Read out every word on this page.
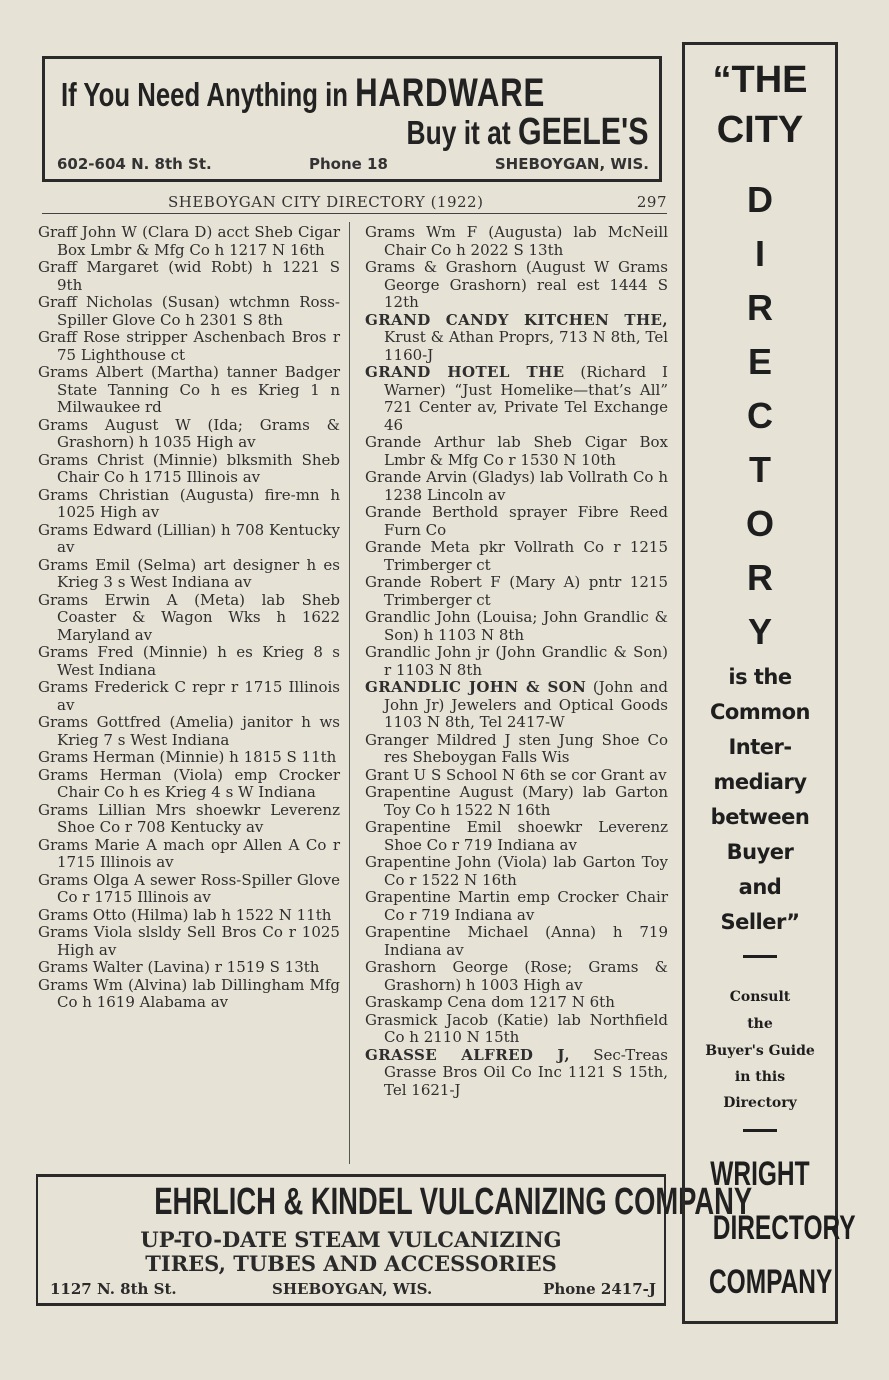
If You Need Anything in HARDWARE
Buy it at GEELE'S
602-604 N. 8th St.	Phone 18	SHEBOYGAN, WIS.
SHEBOYGAN CITY DIRECTORY (1922)	297

Graff John W (Clara D) acct Sheb Cigar Box Lmbr & Mfg Co h 1217 N 16th

Graff Margaret (wid Robt) h 1221 S 9th

Graff Nicholas (Susan) wtchmn Ross-Spiller Glove Co h 2301 S 8th

Graff Rose stripper Aschenbach Bros r 75 Lighthouse ct

Grams Albert (Martha) tanner Badger State Tanning Co h es Krieg 1 n Milwaukee rd

Grams August W (Ida; Grams & Grashorn) h 1035 High av

Grams Christ (Minnie) blksmith Sheb Chair Co h 1715 Illinois av

Grams Christian (Augusta) fire-mn h 1025 High av

Grams Edward (Lillian) h 708 Kentucky av

Grams Emil (Selma) art designer h es Krieg 3 s West Indiana av

Grams Erwin A (Meta) lab Sheb Coaster & Wagon Wks h 1622 Maryland av

Grams Fred (Minnie) h es Krieg 8 s West Indiana

Grams Frederick C repr r 1715 Illinois av

Grams Gottfred (Amelia) janitor h ws Krieg 7 s West Indiana

Grams Herman (Minnie) h 1815 S 11th

Grams Herman (Viola) emp Crocker Chair Co h es Krieg 4 s W Indiana

Grams Lillian Mrs shoewkr Leverenz Shoe Co r 708 Kentucky av

Grams Marie A mach opr Allen A Co r 1715 Illinois av

Grams Olga A sewer Ross-Spiller Glove Co r 1715 Illinois av

Grams Otto (Hilma) lab h 1522 N 11th

Grams Viola slsldy Sell Bros Co r 1025 High av

Grams Walter (Lavina) r 1519 S 13th

Grams Wm (Alvina) lab Dillingham Mfg Co h 1619 Alabama av

Grams Wm F (Augusta) lab McNeill Chair Co h 2022 S 13th

Grams & Grashorn (August W Grams George Grashorn) real est 1444 S 12th

GRAND CANDY KITCHEN THE, Krust & Athan Proprs, 713 N 8th, Tel 1160-J

GRAND HOTEL THE (Richard I Warner) “Just Homelike—that’s All” 721 Center av, Private Tel Exchange 46

Grande Arthur lab Sheb Cigar Box Lmbr & Mfg Co r 1530 N 10th

Grande Arvin (Gladys) lab Vollrath Co h 1238 Lincoln av

Grande Berthold sprayer Fibre Reed Furn Co

Grande Meta pkr Vollrath Co r 1215 Trimberger ct

Grande Robert F (Mary A) pntr 1215 Trimberger ct

Grandlic John (Louisa; John Grandlic & Son) h 1103 N 8th

Grandlic John jr (John Grandlic & Son) r 1103 N 8th

GRANDLIC JOHN & SON (John and John Jr) Jewelers and Optical Goods 1103 N 8th, Tel 2417-W

Granger Mildred J sten Jung Shoe Co res Sheboygan Falls Wis

Grant U S School N 6th se cor Grant av

Grapentine August (Mary) lab Garton Toy Co h 1522 N 16th

Grapentine Emil shoewkr Leverenz Shoe Co r 719 Indiana av

Grapentine John (Viola) lab Garton Toy Co r 1522 N 16th

Grapentine Martin emp Crocker Chair Co r 719 Indiana av

Grapentine Michael (Anna) h 719 Indiana av

Grashorn George (Rose; Grams & Grashorn) h 1003 High av

Graskamp Cena dom 1217 N 6th

Grasmick Jacob (Katie) lab Northfield Co h 2110 N 15th

GRASSE ALFRED J, Sec-Treas Grasse Bros Oil Co Inc 1121 S 15th, Tel 1621-J

EHRLICH & KINDEL VULCANIZING COMPANY
UP-TO-DATE STEAM VULCANIZING
TIRES, TUBES AND ACCESSORIES
1127 N. 8th St.	SHEBOYGAN, WIS.	Phone 2417-J
“THE
CITY
D
I
R
E
C
T
O
R
Y
is the
Common
Inter-
mediary
between
Buyer
and
Seller”
Consult
the
Buyer's Guide
in this
Directory
WRIGHT
DIRECTORY
COMPANY
